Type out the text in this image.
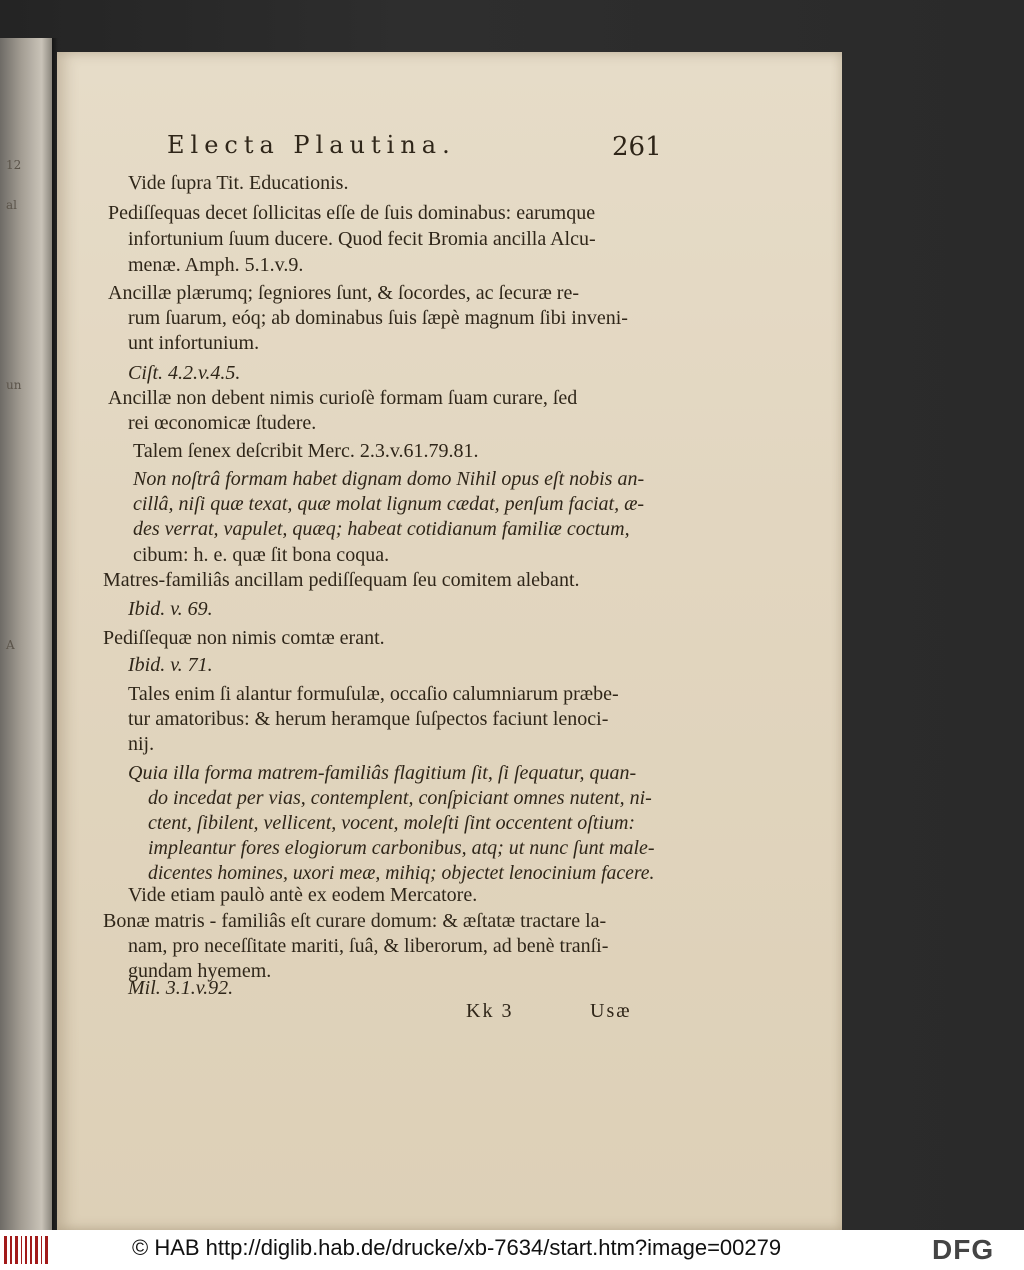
12
al
un
A
Electa Plautina.	261
Vide ſupra Tit. Educationis.
Pediſſequas decet ſollicitas eſſe de ſuis dominabus: earumque
infortunium ſuum ducere. Quod fecit Bromia ancilla Alcu-
menæ. Amph. 5.1.v.9.
Ancillæ plærumq; ſegniores ſunt, & ſocordes, ac ſecuræ re-
rum ſuarum, eóq; ab dominabus ſuis ſæpè magnum ſibi inveni-
unt infortunium.
Ciſt. 4.2.v.4.5.
Ancillæ non debent nimis curioſè formam ſuam curare, ſed
rei œconomicæ ſtudere.
Talem ſenex deſcribit Merc. 2.3.v.61.79.81.
Non noſtrâ formam habet dignam domo Nihil opus eſt nobis an-
cillâ, niſi quæ texat, quæ molat lignum cædat, penſum faciat, æ-
des verrat, vapulet, quæq; habeat cotidianum familiæ coctum,
cibum: h. e. quæ ſit bona coqua.
Matres-familiâs ancillam pediſſequam ſeu comitem alebant.
Ibid. v. 69.
Pediſſequæ non nimis comtæ erant.
Ibid. v. 71.
Tales enim ſi alantur formuſulæ, occaſio calumniarum præbe-
tur amatoribus: & herum heramque ſuſpectos faciunt lenoci-
nij.
Quia illa forma matrem-familiâs flagitium ſit, ſi ſequatur, quan-
do incedat per vias, contemplent, conſpiciant omnes nutent, ni-
ctent, ſibilent, vellicent, vocent, moleſti ſint occentent oſtium:
impleantur fores elogiorum carbonibus, atq; ut nunc ſunt male-
dicentes homines, uxori meæ, mihiq; objectet lenocinium facere.
Vide etiam paulò antè ex eodem Mercatore.
Bonæ matris - familiâs eſt curare domum: & æſtatæ tractare la-
nam, pro neceſſitate mariti, ſuâ, & liberorum, ad benè tranſi-
gundam hyemem.
Mil. 3.1.v.92.
Kk 3	Usæ
© HAB http://diglib.hab.de/drucke/xb-7634/start.htm?image=00279	DFG
